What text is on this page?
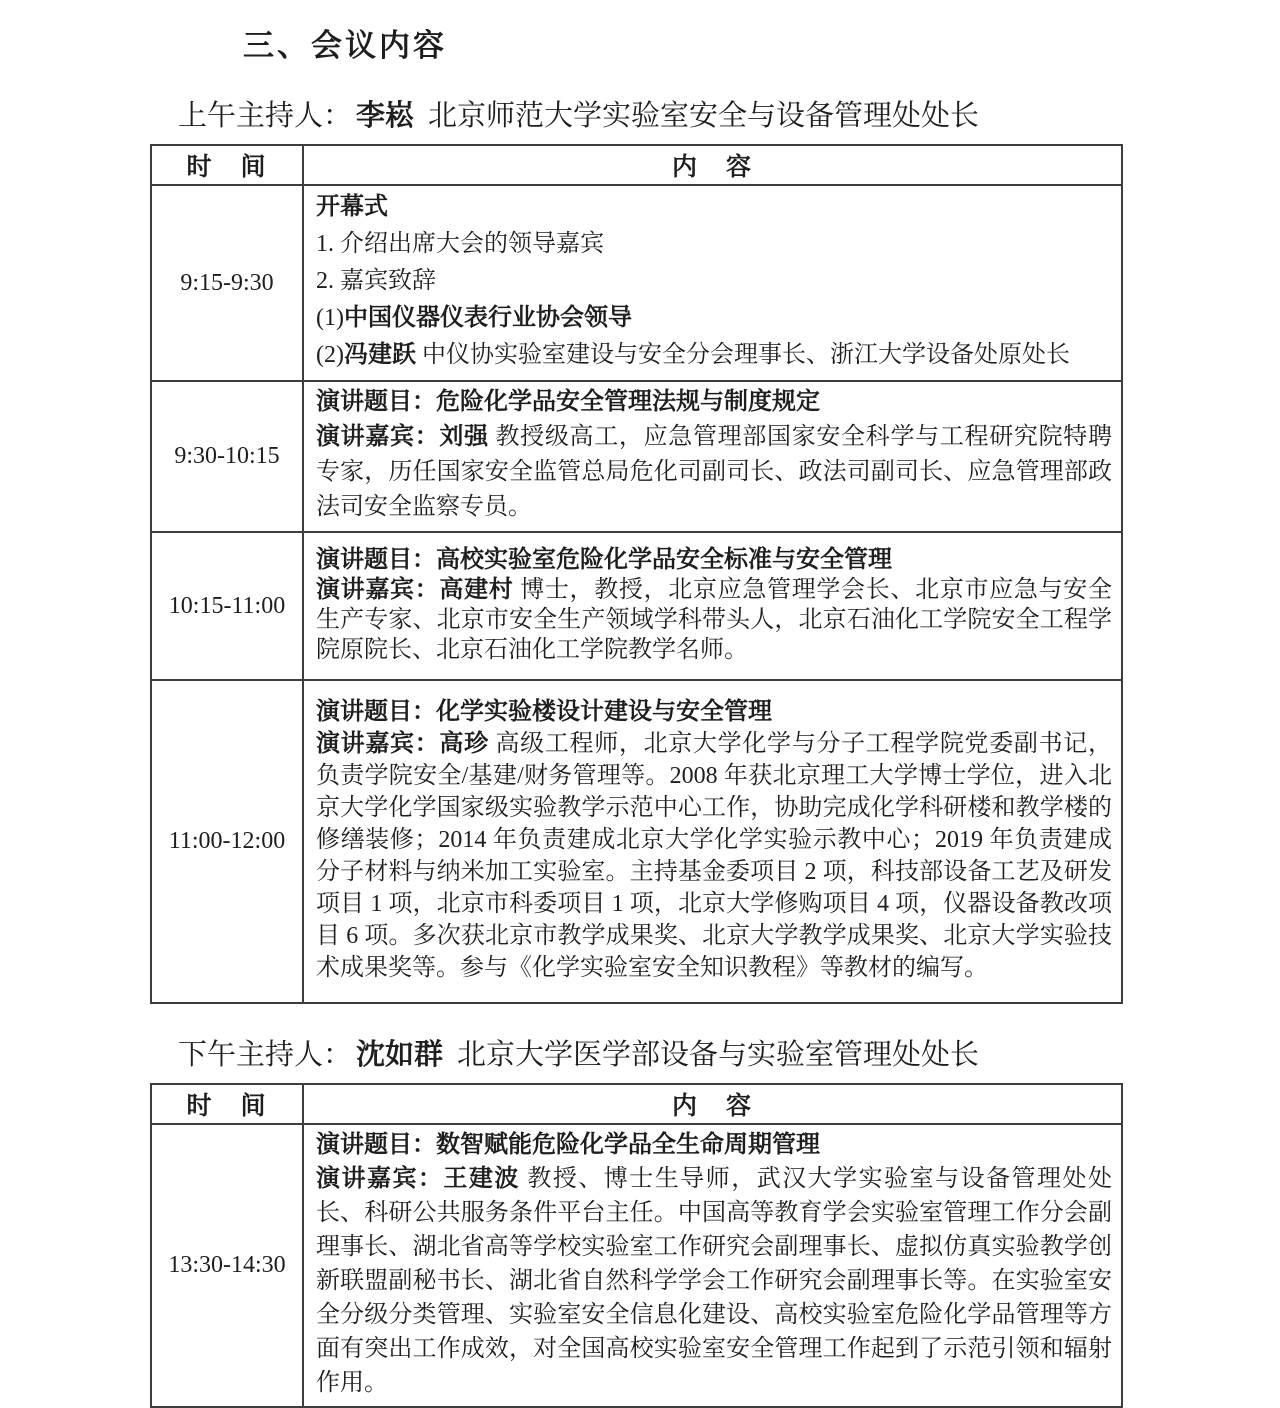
三、会议内容
上午主持人： 李崧 北京师范大学实验室安全与设备管理处处长
时　间	内　容
9:15-9:30	开幕式

1. 介绍出席大会的领导嘉宾

2. 嘉宾致辞

(1)中国仪器仪表行业协会领导

(2)冯建跃 中仪协实验室建设与安全分会理事长、浙江大学设备处原处长

9:30-10:15	演讲题目：危险化学品安全管理法规与制度规定

演讲嘉宾：刘强 教授级高工，应急管理部国家安全科学与工程研究院特聘专家，历任国家安全监管总局危化司副司长、政法司副司长、应急管理部政法司安全监察专员。

10:15-11:00	演讲题目：高校实验室危险化学品安全标准与安全管理

演讲嘉宾：高建村 博士，教授，北京应急管理学会长、北京市应急与安全生产专家、北京市安全生产领域学科带头人，北京石油化工学院安全工程学院原院长、北京石油化工学院教学名师。

11:00-12:00	演讲题目：化学实验楼设计建设与安全管理

演讲嘉宾：高珍 高级工程师，北京大学化学与分子工程学院党委副书记，负责学院安全/基建/财务管理等。2008 年获北京理工大学博士学位，进入北京大学化学国家级实验教学示范中心工作，协助完成化学科研楼和教学楼的修缮装修；2014 年负责建成北京大学化学实验示教中心；2019 年负责建成分子材料与纳米加工实验室。主持基金委项目 2 项，科技部设备工艺及研发项目 1 项，北京市科委项目 1 项，北京大学修购项目 4 项，仪器设备教改项目 6 项。多次获北京市教学成果奖、北京大学教学成果奖、北京大学实验技术成果奖等。参与《化学实验室安全知识教程》等教材的编写。

下午主持人： 沈如群 北京大学医学部设备与实验室管理处处长
时　间	内　容
13:30-14:30	演讲题目：数智赋能危险化学品全生命周期管理

演讲嘉宾：王建波 教授、博士生导师，武汉大学实验室与设备管理处处长、科研公共服务条件平台主任。中国高等教育学会实验室管理工作分会副理事长、湖北省高等学校实验室工作研究会副理事长、虚拟仿真实验教学创新联盟副秘书长、湖北省自然科学学会工作研究会副理事长等。在实验室安全分级分类管理、实验室安全信息化建设、高校实验室危险化学品管理等方面有突出工作成效，对全国高校实验室安全管理工作起到了示范引领和辐射作用。
